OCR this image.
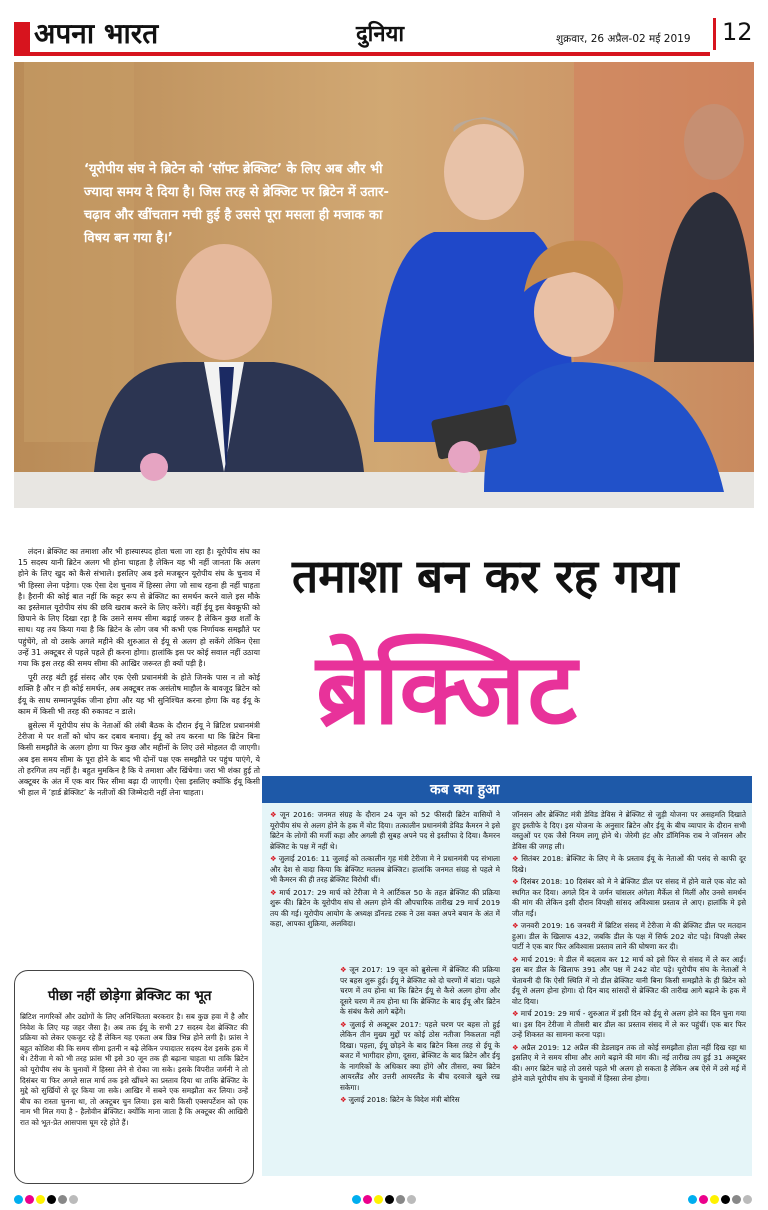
अपना भारत	दुनिया	शुक्रवार, 26 अप्रैल-02 मई 2019 12
‘यूरोपीय संघ ने ब्रिटेन को ‘सॉफ्ट ब्रेक्जिट’ के लिए अब और भी ज्यादा समय दे दिया है। जिस तरह से ब्रेक्जिट पर ब्रिटेन में उतार-चढ़ाव और खींचतान मची हुई है उससे पूरा मसला ही मजाक का विषय बन गया है।’

लंदन। ब्रेक्जिट का तमाशा और भी हास्यास्पद होता चला जा रहा है। यूरोपीय संघ का 15 सदस्य यानी ब्रिटेन अलग भी होना चाहता है लेकिन यह भी नहीं जानता कि अलग होने के लिए खुद को कैसे संभाले। इसलिए अब इसे मजबूरन यूरोपीय संघ के चुनाव में भी हिस्सा लेना पड़ेगा। एक ऐसा देश चुनाव में हिस्सा लेगा जो साथ रहना ही नहीं चाहता है। हैरानी की कोई बात नहीं कि कट्टर रूप से ब्रेक्जिट का समर्थन करने वाले इस मौके का इस्तेमाल यूरोपीय संघ की छवि खराब करने के लिए करेंगे। वहीं ईयू इस बेवकूफी को छिपाने के लिए दिखा रहा है कि उसने समय सीमा बढ़ाई जरूर है लेकिन कुछ शर्तों के साथ। यह तय किया गया है कि ब्रिटेन के लोग जब भी कभी एक निर्णायक समझौते पर पहुंचेंगे, तो वो उसके अगले महीने की शुरुआत से ईयू से अलग हो सकेंगे लेकिन ऐसा उन्हें 31 अक्टूबर से पहले पहले ही करना होगा। हालांकि इस पर कोई सवाल नहीं उठाया गया कि इस तरह की समय सीमा की आखिर जरूरत ही क्यों पड़ी है।

पूरी तरह बंटी हुई संसद और एक ऐसी प्रधानमंत्री के होते जिनके पास न तो कोई शक्ति है और न ही कोई समर्थन, अब अक्टूबर तक असंतोष माहौल के बावजूद ब्रिटेन को ईयू के साथ सम्मानपूर्वक जीना होगा और यह भी सुनिश्चित करना होगा कि वह ईयू के काम में किसी भी तरह की रुकावट न डाले।

ब्रुसेल्स में यूरोपीय संघ के नेताओं की लंबी बैठक के दौरान ईयू ने ब्रिटिश प्रधानमंत्री टेरीजा मे पर शर्तों को थोप कर दबाव बनाया। ईयू को तय करना था कि ब्रिटेन बिना किसी समझौते के अलग होगा या फिर कुछ और महीनों के लिए उसे मोहलत दी जाएगी। अब इस समय सीमा के पूरा होने के बाद भी दोनों पक्ष एक समझौते पर पहुंच पाएंगे, ये तो हरगिज तय नहीं है। बहुत मुमकिन है कि ये तमाशा और खिंचेगा। जरा भी शंका हुई तो अक्टूबर के अंत में एक बार फिर सीमा बढ़ा दी जाएगी। ऐसा इसलिए क्योंकि ईयू किसी भी हाल में ‘हार्ड ब्रेक्जिट’ के नतीजों की जिम्मेदारी नहीं लेना चाहता।

तमाशा बन कर रह गया
ब्रेक्जिट
कब क्या हुआ
❖ जून 2016: जनमत संग्रह के दौरान 24 जून को 52 फीसदी ब्रिटेन वासियों ने यूरोपीय संघ से अलग होने के हक में वोट दिया। तत्कालीन प्रधानमंत्री डेविड कैमरन ने इसे ब्रिटेन के लोगों की मर्जी कहा और अगली ही सुबह अपने पद से इस्तीफा दे दिया। कैमरन ब्रेक्जिट के पक्ष में नहीं थे।
❖ जुलाई 2016: 11 जुलाई को तत्कालीन गृह मंत्री टेरीजा मे ने प्रधानमंत्री पद संभाला और देश से वादा किया कि ब्रेक्जिट मतलब ब्रेक्जिट। हालांकि जनमत संग्रह से पहले मे भी कैमरन की ही तरह ब्रेक्जिट विरोधी थीं।
❖ मार्च 2017: 29 मार्च को टेरीजा मे ने आर्टिकल 50 के तहत ब्रेक्जिट की प्रक्रिया शुरू की। ब्रिटेन के यूरोपीय संघ से अलग होने की औपचारिक तारीख 29 मार्च 2019 तय की गई। यूरोपीय आयोग के अध्यक्ष डॉनल्ड टस्क ने उस वक्त अपने बयान के अंत में कहा, आपका शुक्रिया, अलविदा।
❖ जून 2017: 19 जून को ब्रुसेल्स में ब्रेक्जिट की प्रक्रिया पर बहस शुरू हुई। ईयू ने ब्रेक्जिट को दो चरणों में बांटा। पहले चरण में तय होना था कि ब्रिटेन ईयू से कैसे अलग होगा और दूसरे चरण में तय होना था कि ब्रेक्जिट के बाद ईयू और ब्रिटेन के संबंध कैसे आगे बढ़ेंगे।
❖ जुलाई से अक्टूबर 2017: पहले चरण पर बहस तो हुई लेकिन तीन मुख्य मुद्दों पर कोई ठोस नतीजा निकलता नहीं दिखा। पहला, ईयू छोड़ने के बाद ब्रिटेन किस तरह से ईयू के बजट में भागीदार होगा, दूसरा, ब्रेक्जिट के बाद ब्रिटेन और ईयू के नागरिकों के अधिकार क्या होंगे और तीसरा, क्या ब्रिटेन आयरलैंड और उत्तरी आयरलैंड के बीच दरवाजे खुले रख सकेगा।
❖ जुलाई 2018: ब्रिटेन के विदेश मंत्री बोरिस
जॉनसन और ब्रेक्जिट मंत्री डेविड डेविस ने ब्रेक्जिट से जुड़ी योजना पर असहमति दिखाते हुए इस्तीफे दे दिए। इस योजना के अनुसार ब्रिटेन और ईयू के बीच व्यापार के दौरान सभी वस्तुओं पर एक जैसे नियम लागू होने थे। जेरेमी हंट और डॉमिनिक राब ने जॉनसन और डेविस की जगह ली।
❖ सितंबर 2018: ब्रेक्जिट के लिए मे के प्रस्ताव ईयू के नेताओं की पसंद से काफी दूर दिखे।
❖ दिसंबर 2018: 10 दिसंबर को मे ने ब्रेक्जिट डील पर संसद में होने वाले एक वोट को स्थगित कर दिया। अगले दिन वे जर्मन चांसलर अंगेला मैर्केल से मिलीं और उनसे समर्थन की मांग की लेकिन इसी दौरान विपक्षी सांसद अविश्वास प्रस्ताव ले आए। हालांकि मे इसे जीत गईं।
❖ जनवरी 2019: 16 जनवरी में ब्रिटिश संसद में टेरीजा मे की ब्रेक्जिट डील पर मतदान हुआ। डील के खिलाफ 432, जबकि डील के पक्ष में सिर्फ 202 वोट पड़े। विपक्षी लेबर पार्टी ने एक बार फिर अविश्वास प्रस्ताव लाने की घोषणा कर दी।
❖ मार्च 2019: मे डील में बदलाव कर 12 मार्च को इसे फिर से संसद में ले कर आईं। इस बार डील के खिलाफ 391 और पक्ष में 242 वोट पड़े। यूरोपीय संघ के नेताओं ने चेतावनी दी कि ऐसी स्थिति में नो डील ब्रेक्जिट यानी बिना किसी समझौते के ही ब्रिटेन को ईयू से अलग होना होगा। दो दिन बाद सांसदों से ब्रेक्जिट की तारीख आगे बढ़ाने के हक में वोट दिया।
❖ मार्च 2019: 29 मार्च - शुरुआत में इसी दिन को ईयू से अलग होने का दिन चुना गया था। इस दिन टेरीजा मे तीसरी बार डील का प्रस्ताव संसद में ले कर पहुंचीं। एक बार फिर उन्हें शिकस्त का सामना करना पड़ा।
❖ अप्रैल 2019: 12 अप्रैल की डेडलाइन तक तो कोई समझौता होता नहीं दिख रहा था इसलिए मे ने समय सीमा और आगे बढ़ाने की मांग की। नई तारीख तय हुई 31 अक्टूबर की। अगर ब्रिटेन चाहे तो उससे पहले भी अलग हो सकता है लेकिन अब ऐसे में उसे मई में होने वाले यूरोपीय संघ के चुनावों में हिस्सा लेना होगा।
पीछा नहीं छोड़ेगा ब्रेक्जिट का भूत
ब्रिटिश नागरिकों और उद्योगों के लिए अनिश्चितता बरकरार है। सब कुछ हवा में है और निवेश के लिए यह जहर जैसा है। अब तक ईयू के सभी 27 सदस्य देश ब्रेक्जिट की प्रक्रिया को लेकर एकजुट रहे हैं लेकिन यह एकता अब छिन्न भिन्न होने लगी है। फ्रांस ने बहुत कोशिश की कि समय सीमा इतनी न बढ़े लेकिन ज्यादातर सदस्य देश इसके हक में थे। टेरीजा मे को भी तरह फ्रांस भी इसे 30 जून तक ही बढ़ाना चाहता था ताकि ब्रिटेन को यूरोपीय संघ के चुनावों में हिस्सा लेने से रोका जा सके। इसके विपरीत जर्मनी ने तो दिसंबर या फिर अगले साल मार्च तक इसे खींचने का प्रस्ताव दिया था ताकि ब्रेक्जिट के मुद्दे को सुर्खियों से दूर किया जा सके। आखिर में सबने एक समझौता कर लिया। उन्हें बीच का रास्ता चुनना था, तो अक्टूबर चुन लिया। इस बारी किसी एक्सपर्टेशन को एक नाम भी मिल गया है - हैलोवीन ब्रेक्जिट। क्योंकि माना जाता है कि अक्टूबर की आखिरी रात को भूत-प्रेत आसपास घूम रहे होते हैं।
